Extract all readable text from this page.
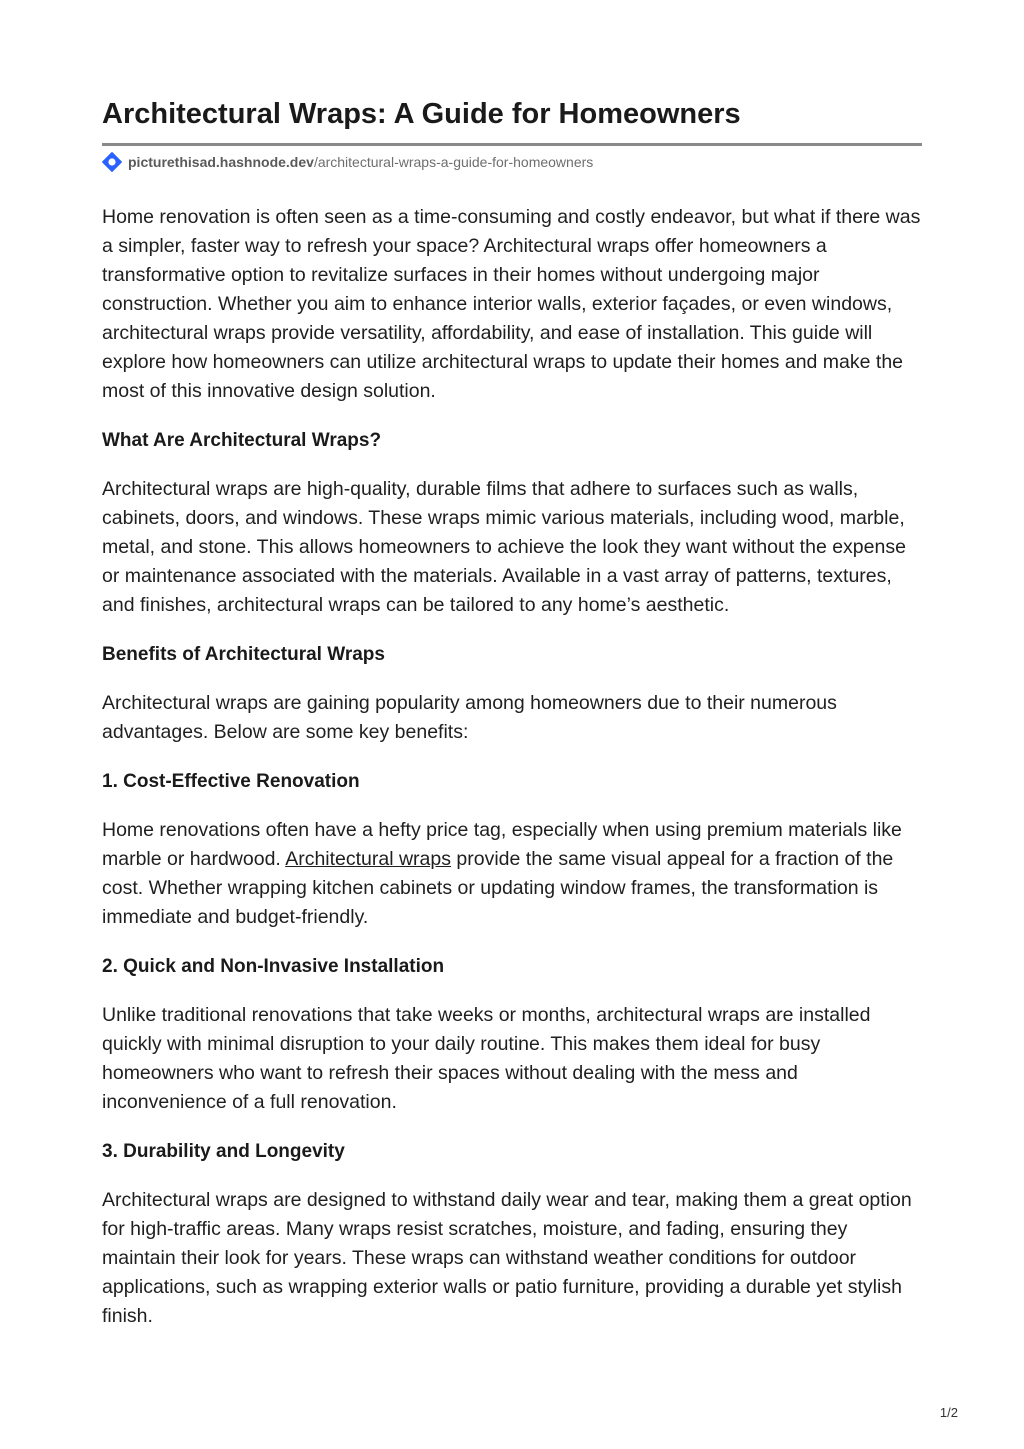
Architectural Wraps: A Guide for Homeowners
picturethisad.hashnode.dev /architectural-wraps-a-guide-for-homeowners

Home renovation is often seen as a time-consuming and costly endeavor, but what if there was a simpler, faster way to refresh your space? Architectural wraps offer homeowners a transformative option to revitalize surfaces in their homes without undergoing major construction. Whether you aim to enhance interior walls, exterior façades, or even windows, architectural wraps provide versatility, affordability, and ease of installation. This guide will explore how homeowners can utilize architectural wraps to update their homes and make the most of this innovative design solution.

What Are Architectural Wraps?

Architectural wraps are high-quality, durable films that adhere to surfaces such as walls, cabinets, doors, and windows. These wraps mimic various materials, including wood, marble, metal, and stone. This allows homeowners to achieve the look they want without the expense or maintenance associated with the materials. Available in a vast array of patterns, textures, and finishes, architectural wraps can be tailored to any home’s aesthetic.

Benefits of Architectural Wraps

Architectural wraps are gaining popularity among homeowners due to their numerous advantages. Below are some key benefits:

1. Cost-Effective Renovation

Home renovations often have a hefty price tag, especially when using premium materials like marble or hardwood. Architectural wraps provide the same visual appeal for a fraction of the cost. Whether wrapping kitchen cabinets or updating window frames, the transformation is immediate and budget-friendly.

2. Quick and Non-Invasive Installation

Unlike traditional renovations that take weeks or months, architectural wraps are installed quickly with minimal disruption to your daily routine. This makes them ideal for busy homeowners who want to refresh their spaces without dealing with the mess and inconvenience of a full renovation.

3. Durability and Longevity

Architectural wraps are designed to withstand daily wear and tear, making them a great option for high-traffic areas. Many wraps resist scratches, moisture, and fading, ensuring they maintain their look for years. These wraps can withstand weather conditions for outdoor applications, such as wrapping exterior walls or patio furniture, providing a durable yet stylish finish.

1/2
